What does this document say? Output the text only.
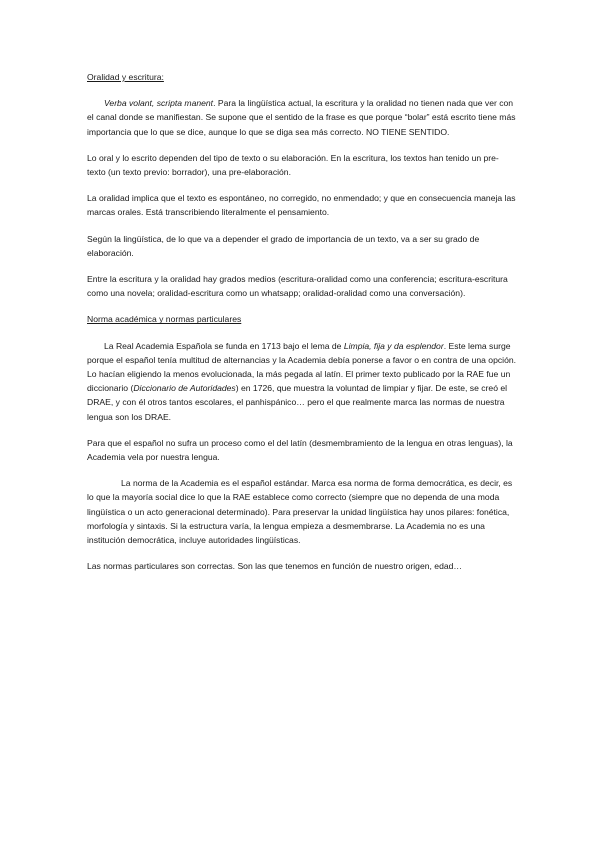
Oralidad y escritura:

Verba volant, scripta manent. Para la lingüística actual, la escritura y la oralidad no tienen nada que ver con el canal donde se manifiestan. Se supone que el sentido de la frase es que porque “bolar” está escrito tiene más importancia que lo que se dice, aunque lo que se diga sea más correcto. NO TIENE SENTIDO.

Lo oral y lo escrito dependen del tipo de texto o su elaboración. En la escritura, los textos han tenido un pre-texto (un texto previo: borrador), una pre-elaboración.

La oralidad implica que el texto es espontáneo, no corregido, no enmendado; y que en consecuencia maneja las marcas orales. Está transcribiendo literalmente el pensamiento.

Según la lingüística, de lo que va a depender el grado de importancia de un texto, va a ser su grado de elaboración.

Entre la escritura y la oralidad hay grados medios (escritura-oralidad como una conferencia; escritura-escritura como una novela; oralidad-escritura como un whatsapp; oralidad-oralidad como una conversación).

Norma académica y normas particulares

La Real Academia Española se funda en 1713 bajo el lema de Limpia, fija y da esplendor. Este lema surge porque el español tenía multitud de alternancias y la Academia debía ponerse a favor o en contra de una opción. Lo hacían eligiendo la menos evolucionada, la más pegada al latín. El primer texto publicado por la RAE fue un diccionario (Diccionario de Autoridades) en 1726, que muestra la voluntad de limpiar y fijar. De este, se creó el DRAE, y con él otros tantos escolares, el panhispánico… pero el que realmente marca las normas de nuestra lengua son los DRAE.

Para que el español no sufra un proceso como el del latín (desmembramiento de la lengua en otras lenguas), la Academia vela por nuestra lengua.

La norma de la Academia es el español estándar. Marca esa norma de forma democrática, es decir, es lo que la mayoría social dice lo que la RAE establece como correcto (siempre que no dependa de una moda lingüística o un acto generacional determinado). Para preservar la unidad lingüística hay unos pilares: fonética, morfología y sintaxis. Si la estructura varía, la lengua empieza a desmembrarse. La Academia no es una institución democrática, incluye autoridades lingüísticas.

Las normas particulares son correctas. Son las que tenemos en función de nuestro origen, edad…
